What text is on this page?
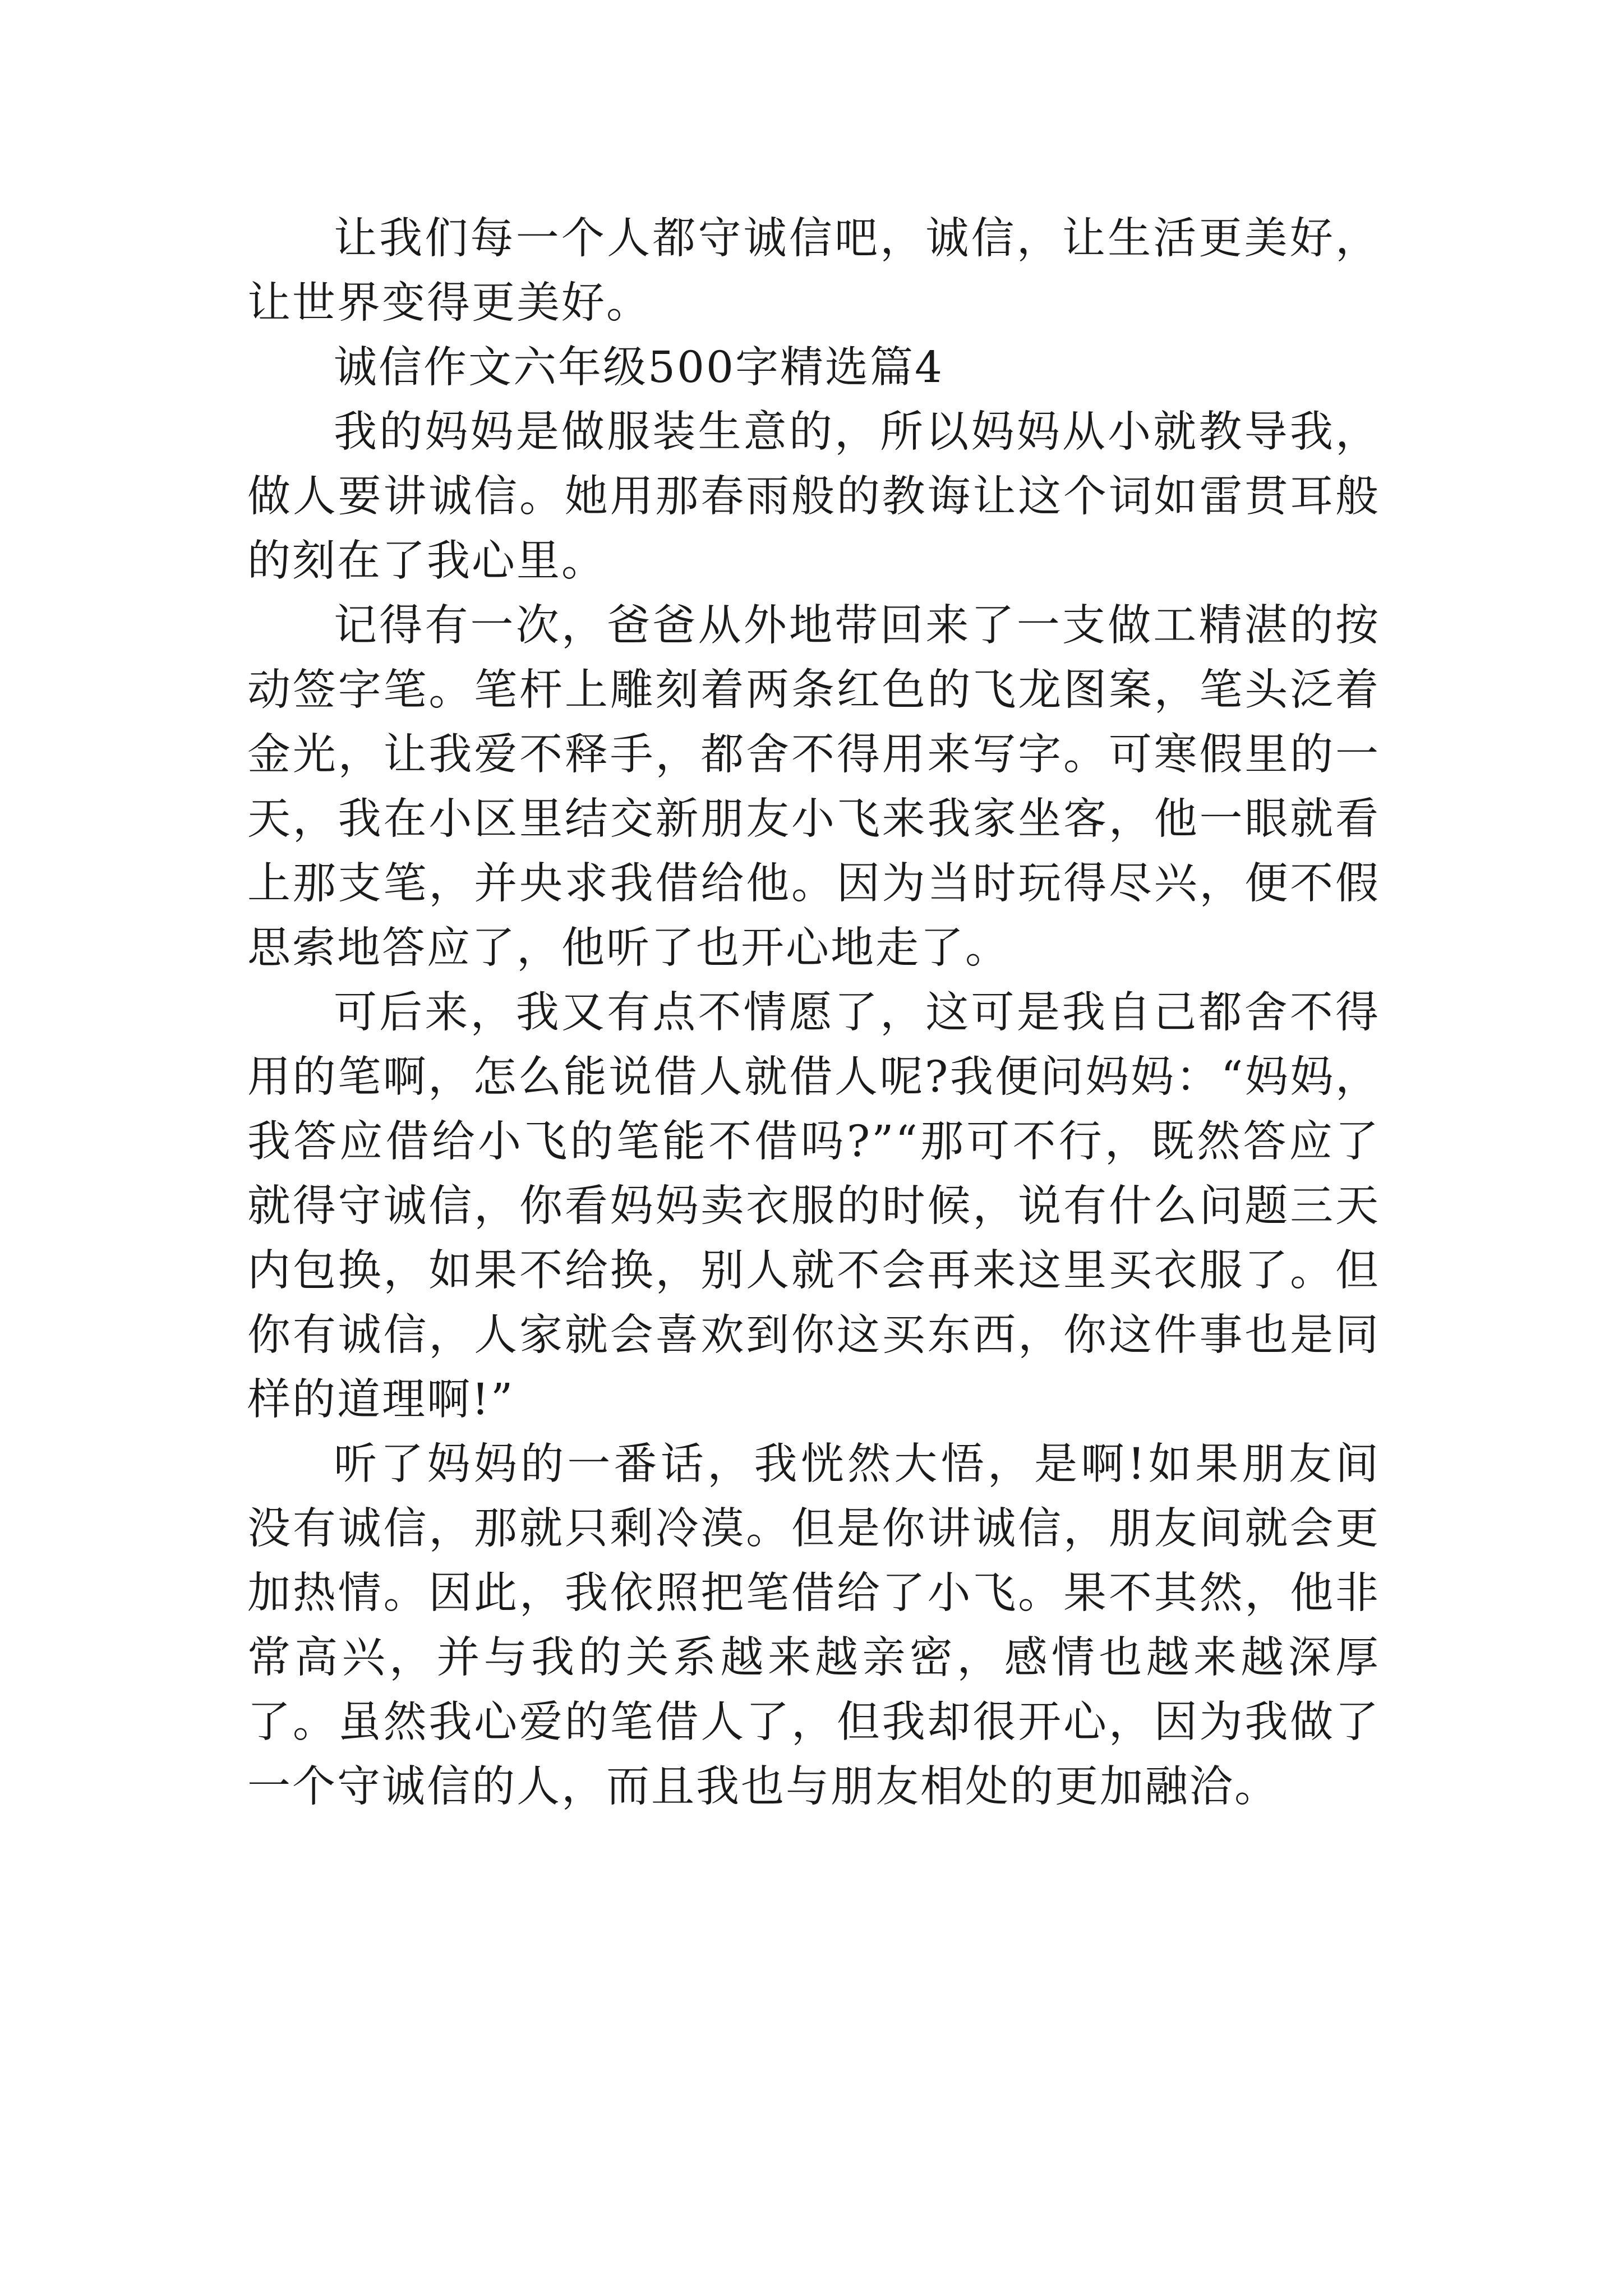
让我们每一个人都守诚信吧，诚信，让生活更美好，让世界变得更美好。

诚信作文六年级500字精选篇4

我的妈妈是做服装生意的，所以妈妈从小就教导我，做人要讲诚信。她用那春雨般的教诲让这个词如雷贯耳般的刻在了我心里。

记得有一次，爸爸从外地带回来了一支做工精湛的按动签字笔。笔杆上雕刻着两条红色的飞龙图案，笔头泛着金光，让我爱不释手，都舍不得用来写字。可寒假里的一天，我在小区里结交新朋友小飞来我家坐客，他一眼就看上那支笔，并央求我借给他。因为当时玩得尽兴，便不假思索地答应了，他听了也开心地走了。

可后来，我又有点不情愿了，这可是我自己都舍不得用的笔啊，怎么能说借人就借人呢?我便问妈妈：“妈妈，我答应借给小飞的笔能不借吗?”“那可不行，既然答应了就得守诚信，你看妈妈卖衣服的时候，说有什么问题三天内包换，如果不给换，别人就不会再来这里买衣服了。但你有诚信，人家就会喜欢到你这买东西，你这件事也是同样的道理啊!”

听了妈妈的一番话，我恍然大悟，是啊!如果朋友间没有诚信，那就只剩冷漠。但是你讲诚信，朋友间就会更加热情。因此，我依照把笔借给了小飞。果不其然，他非常高兴，并与我的关系越来越亲密，感情也越来越深厚了。虽然我心爱的笔借人了，但我却很开心，因为我做了一个守诚信的人，而且我也与朋友相处的更加融洽。
